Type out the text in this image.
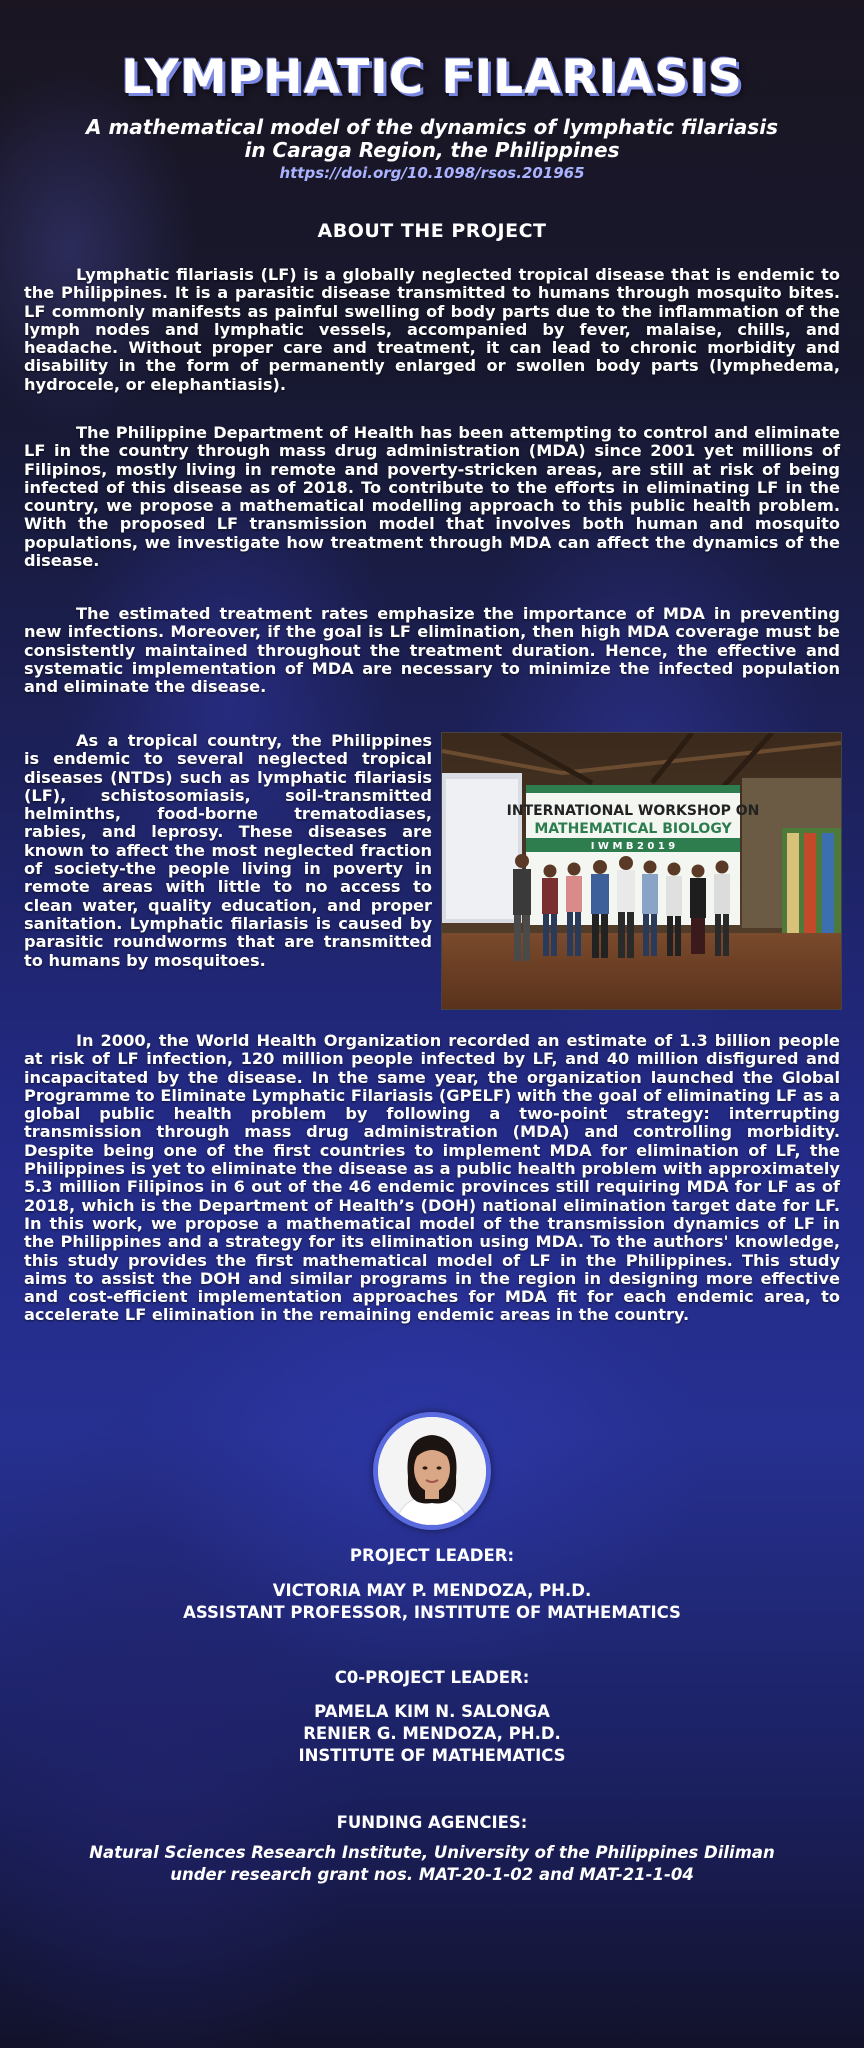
LYMPHATIC FILARIASIS
A mathematical model of the dynamics of lymphatic filariasis
in Caraga Region, the Philippines
https://doi.org/10.1098/rsos.201965
ABOUT THE PROJECT

Lymphatic filariasis (LF) is a globally neglected tropical disease that is endemic to the Philippines. It is a parasitic disease transmitted to humans through mosquito bites. LF commonly manifests as painful swelling of body parts due to the inflammation of the lymph nodes and lymphatic vessels, accompanied by fever, malaise, chills, and headache. Without proper care and treatment, it can lead to chronic morbidity and disability in the form of permanently enlarged or swollen body parts (lymphedema, hydrocele, or elephantiasis).

The Philippine Department of Health has been attempting to control and eliminate LF in the country through mass drug administration (MDA) since 2001 yet millions of Filipinos, mostly living in remote and poverty-stricken areas, are still at risk of being infected of this disease as of 2018. To contribute to the efforts in eliminating LF in the country, we propose a mathematical modelling approach to this public health problem. With the proposed LF transmission model that involves both human and mosquito populations, we investigate how treatment through MDA can affect the dynamics of the disease.

The estimated treatment rates emphasize the importance of MDA in preventing new infections. Moreover, if the goal is LF elimination, then high MDA coverage must be consistently maintained throughout the treatment duration. Hence, the effective and systematic implementation of MDA are necessary to minimize the infected population and eliminate the disease.

As a tropical country, the Philippines is endemic to several neglected tropical diseases (NTDs) such as lymphatic filariasis (LF), schistosomiasis, soil-transmitted helminths, food-borne trematodiases, rabies, and leprosy. These diseases are known to affect the most neglected fraction of society-the people living in poverty in remote areas with little to no access to clean water, quality education, and proper sanitation. Lymphatic filariasis is caused by parasitic roundworms that are transmitted to humans by mosquitoes.

INTERNATIONAL WORKSHOP ON
MATHEMATICAL BIOLOGY
I W M B 2 0 1 9

In 2000, the World Health Organization recorded an estimate of 1.3 billion people at risk of LF infection, 120 million people infected by LF, and 40 million disfigured and incapacitated by the disease. In the same year, the organization launched the Global Programme to Eliminate Lymphatic Filariasis (GPELF) with the goal of eliminating LF as a global public health problem by following a two-point strategy: interrupting transmission through mass drug administration (MDA) and controlling morbidity. Despite being one of the first countries to implement MDA for elimination of LF, the Philippines is yet to eliminate the disease as a public health problem with approximately 5.3 million Filipinos in 6 out of the 46 endemic provinces still requiring MDA for LF as of 2018, which is the Department of Health’s (DOH) national elimination target date for LF. In this work, we propose a mathematical model of the transmission dynamics of LF in the Philippines and a strategy for its elimination using MDA. To the authors' knowledge, this study provides the first mathematical model of LF in the Philippines. This study aims to assist the DOH and similar programs in the region in designing more effective and cost-efficient implementation approaches for MDA fit for each endemic area, to accelerate LF elimination in the remaining endemic areas in the country.

PROJECT LEADER:
VICTORIA MAY P. MENDOZA, PH.D.
ASSISTANT PROFESSOR, INSTITUTE OF MATHEMATICS
C0-PROJECT LEADER:
PAMELA KIM N. SALONGA
RENIER G. MENDOZA, PH.D.
INSTITUTE OF MATHEMATICS
FUNDING AGENCIES:
Natural Sciences Research Institute, University of the Philippines Diliman
under research grant nos. MAT-20-1-02 and MAT-21-1-04
